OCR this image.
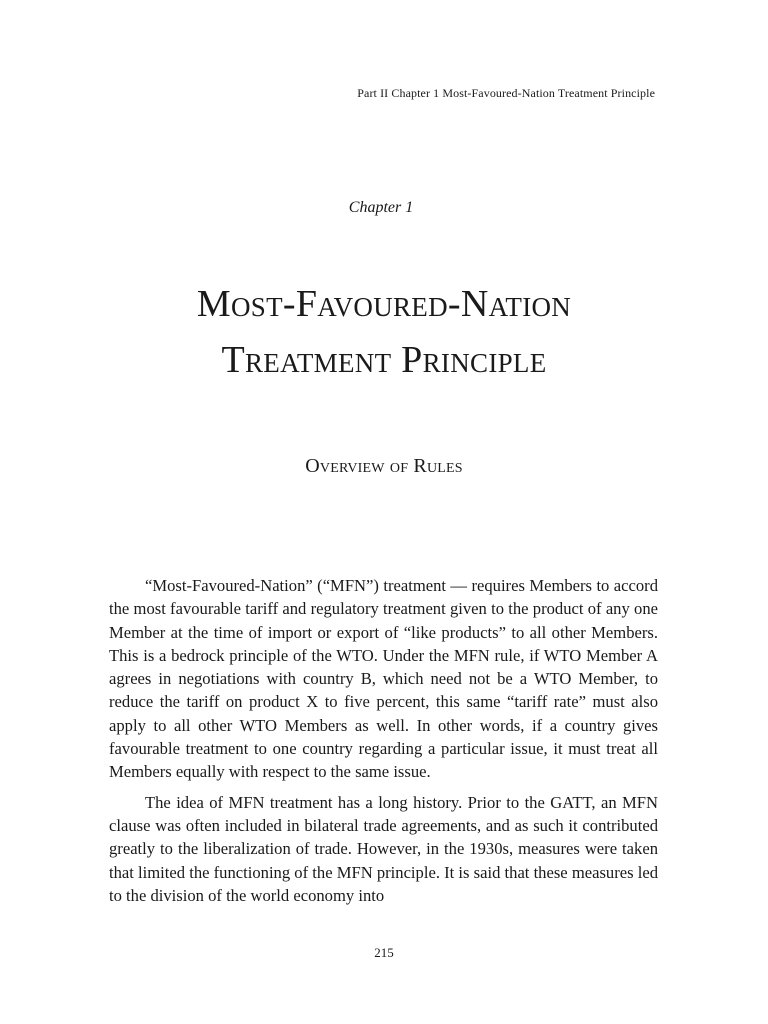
Part II Chapter 1 Most-Favoured-Nation Treatment Principle
Chapter 1
Most-Favoured-Nation
Treatment Principle
Overview of Rules

“Most-Favoured-Nation” (“MFN”) treatment — requires Members to accord the most favourable tariff and regulatory treatment given to the product of any one Member at the time of import or export of “like products” to all other Members. This is a bedrock principle of the WTO. Under the MFN rule, if WTO Member A agrees in negotiations with country B, which need not be a WTO Member, to reduce the tariff on product X to five percent, this same “tariff rate” must also apply to all other WTO Members as well. In other words, if a country gives favourable treatment to one country regarding a particular issue, it must treat all Members equally with respect to the same issue.

The idea of MFN treatment has a long history. Prior to the GATT, an MFN clause was often included in bilateral trade agreements, and as such it contributed greatly to the liberalization of trade. However, in the 1930s, measures were taken that limited the functioning of the MFN principle. It is said that these measures led to the division of the world economy into

215
